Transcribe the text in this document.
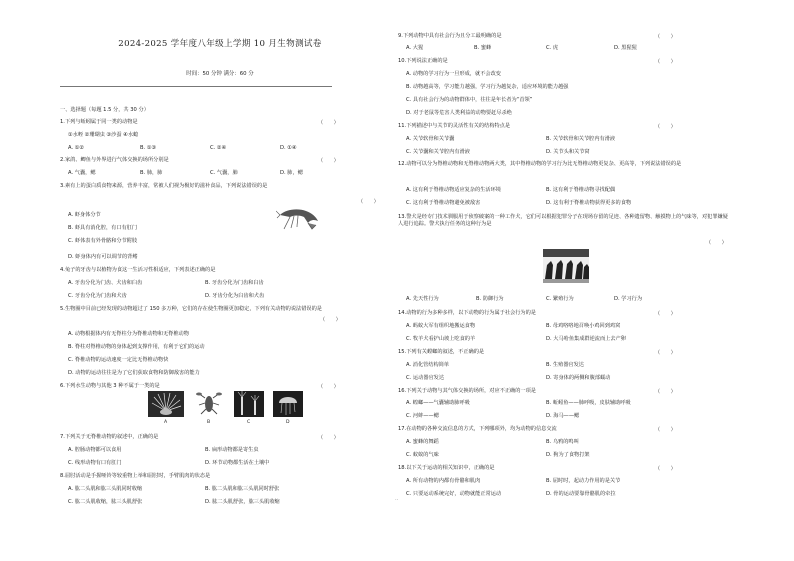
2024-2025 学年度八年级上学期 10 月生物测试卷
时间：50 分钟 满分：60 分
一、选择题（每题 1.5 分，共 30 分）
1.下列与蚯蚓属于同一类的动物是	（　　）
①水蛭 ②珊瑚虫 ③沙蚕 ④水螅
A. ①②	B. ①③	C. ②④	D. ①④
2.家鸽、鲫鱼与外界进行气体交换的场所分别是	（　　）
A. 气囊，鳃	B. 肺，肺	C. 气囊，肺	D. 肺，鳃
3.素有上的蛋白质食物来源，营养丰富，常被人们视为极好的滋补食品，下列说法错误的是
（　　）
A. 虾身体分节
B. 虾具有消化腔，有口有肛门
C. 虾体表有外骨骼和分节附肢
D. 虾身体内有可以调节的背鳍
4.兔子的牙齿与以植物为食这一生活习性相适应，下列表述正确的是
A. 牙齿分化为门齿、犬齿和臼齿	B. 牙齿分化为门齿和臼齿
C. 牙齿分化为门齿和犬齿	D. 牙齿分化为臼齿和犬齿
5.生物圈中目前已经发现的动物超过了 150 多万种，它们的存在使生物圈更加稳定，下列有关动物的说法错误的是
（　　）
A. 动物根据体内有无脊柱分为脊椎动物和无脊椎动物
B. 脊柱对脊椎动物的身体起到支撑作用，有利于它们的运动
C. 脊椎动物的运动速度一定比无脊椎动物快
D. 动物的运动往往是为了它们获取食物和防御敌害的能力
6.下列水生动物与其他 3 种不属于一类的是	（　　）
A	B	C	D
7.下列关于无脊椎动物的叙述中，正确的是	（　　）
A. 腔肠动物都可以食用	B. 扁形动物都是寄生虫
C. 线形动物有口有肛门	D. 环节动物都生活在土壤中
8.屈肘活动是手握哑铃等较重物上举和屈肘时，手臂肌肉的状态是
A. 肱二头肌和肱三头肌同时收缩	B. 肱二头肌和肱三头肌同时舒张
C. 肱二头肌收缩，肱三头肌舒张	D. 肱二头肌舒张，肱三头肌收缩
9.下列动物中具有社会行为且分工最明确的是	（　　）
A. 大猩	B. 蜜蜂	C. 虎	D. 黑猩猩
10.下列说法正确的是	（　　）
A. 动物的学习行为一旦形成，就不会改变
B. 动物越高等，学习能力越强，学习行为越复杂，适应环境的能力越强
C. 具有社会行为的动物群体中，往往是年长者为“首领”
D. 对于老鼠等危害人类利益的动物要赶尽杀绝
11.下列描述中与关节的灵活性有关的结构特点是	（　　）
A. 关节软骨和关节囊	B. 关节软骨和关节腔内有滑液
C. 关节囊和关节腔内有滑液	D. 关节头和关节窝
12.动物可以分为脊椎动物和无脊椎动物两大类，其中脊椎动物的学习行为比无脊椎动物更复杂、更高等，下列说法错误的是
A. 这有利于脊椎动物适应复杂的生活环境	B. 这有利于脊椎动物寻找配偶
C. 这有利于脊椎动物避免被敌害	D. 这有利于脊椎动物获得更多的食物
13.警犬是经专门技术驯服用于侦察破案的一种工作犬，它们可以根据犯罪分子在现场存留的足迹、各种遗留物、触摸物上的气味等，对犯罪嫌疑人进行追踪。警犬执行任务的这种行为是
（　　）
A. 先天性行为	B. 防御行为	C. 繁殖行为	D. 学习行为
14.动物的行为多种多样，以下动物的行为属于社会行为的是	（　　）
A. 蚂蚁大军有组织地搬运食物	B. 母鸡咯咯地召唤小鸡回到鸡窝
C. 牧羊犬看护山坡上吃食的羊	D. 大马哈鱼集成群逆流而上去产卵
15.下列有关螳螂的叙述，不正确的是	（　　）
A. 消化管结构简单	B. 生殖器官发达
C. 运动器官发达	D. 寄身体的两侧和腹部蠕动
16.下列关于动物与其气体交换的场所，对应不正确的一项是	（　　）
A. 蝗螂——气囊辅助肺呼吸	B. 蚯蚓鱼——肺呼吸，皮肤辅助呼吸
C. 河蚌——鳃	D. 海马——鳃
17.在动物的各种交流信息的方式，下列哪项外，均为动物的信息交流	（　　）
A. 蜜蜂的舞蹈	B. 乌鸦的鸣叫
C. 蚁蚁的气味	D. 狗为了食物打架
18.以下关于运动的相关知识中，正确的是	（　　）
A. 所有动物的内都有骨骼和肌肉	B. 屈时时，起动力作用的是关节
C. 只要运动系统完好，动物就能正常运动	D. 骨的运动要靠骨骼肌的牵拉
··
